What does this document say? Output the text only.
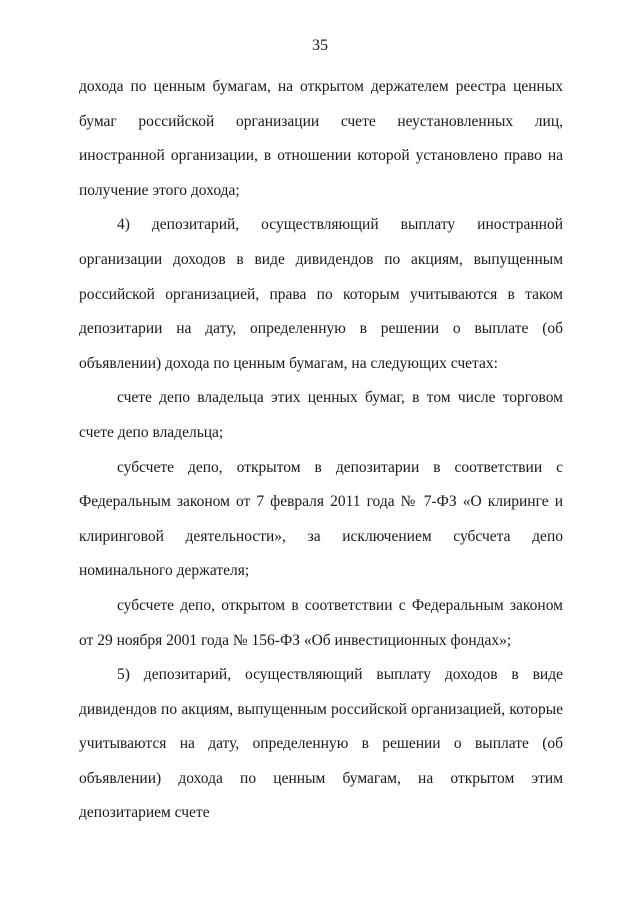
35

дохода по ценным бумагам, на открытом держателем реестра ценных бумаг российской организации счете неустановленных лиц, иностранной организации, в отношении которой установлено право на получение этого дохода;

4) депозитарий, осуществляющий выплату иностранной организации доходов в виде дивидендов по акциям, выпущенным российской организацией, права по которым учитываются в таком депозитарии на дату, определенную в решении о выплате (об объявлении) дохода по ценным бумагам, на следующих счетах:

счете депо владельца этих ценных бумаг, в том числе торговом счете депо владельца;

субсчете депо, открытом в депозитарии в соответствии с Федеральным законом от 7 февраля 2011 года № 7-ФЗ «О клиринге и клиринговой деятельности», за исключением субсчета депо номинального держателя;

субсчете депо, открытом в соответствии с Федеральным законом от 29 ноября 2001 года № 156-ФЗ «Об инвестиционных фондах»;

5) депозитарий, осуществляющий выплату доходов в виде дивидендов по акциям, выпущенным российской организацией, которые учитываются на дату, определенную в решении о выплате (об объявлении) дохода по ценным бумагам, на открытом этим депозитарием счете
